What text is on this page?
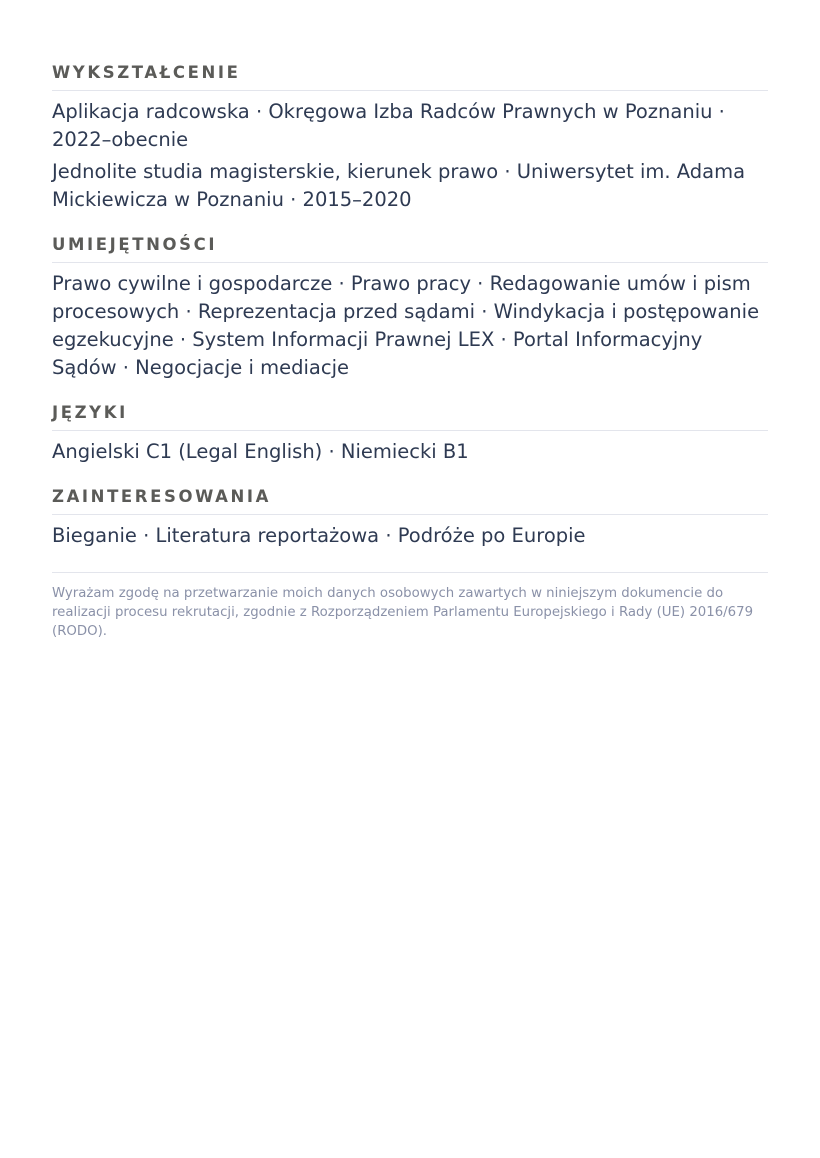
WYKSZTAŁCENIE

Aplikacja radcowska · Okręgowa Izba Radców Prawnych w Poznaniu · 2022–obecnie

Jednolite studia magisterskie, kierunek prawo · Uniwersytet im. Adama Mickiewicza w Poznaniu · 2015–2020

UMIEJĘTNOŚCI

Prawo cywilne i gospodarcze · Prawo pracy · Redagowanie umów i pism procesowych · Reprezentacja przed sądami · Windykacja i postępowanie egzekucyjne · System Informacji Prawnej LEX · Portal Informacyjny Sądów · Negocjacje i mediacje

JĘZYKI

Angielski C1 (Legal English) · Niemiecki B1

ZAINTERESOWANIA

Bieganie · Literatura reportażowa · Podróże po Europie

Wyrażam zgodę na przetwarzanie moich danych osobowych zawartych w niniejszym dokumencie do realizacji procesu rekrutacji, zgodnie z Rozporządzeniem Parlamentu Europejskiego i Rady (UE) 2016/679 (RODO).
